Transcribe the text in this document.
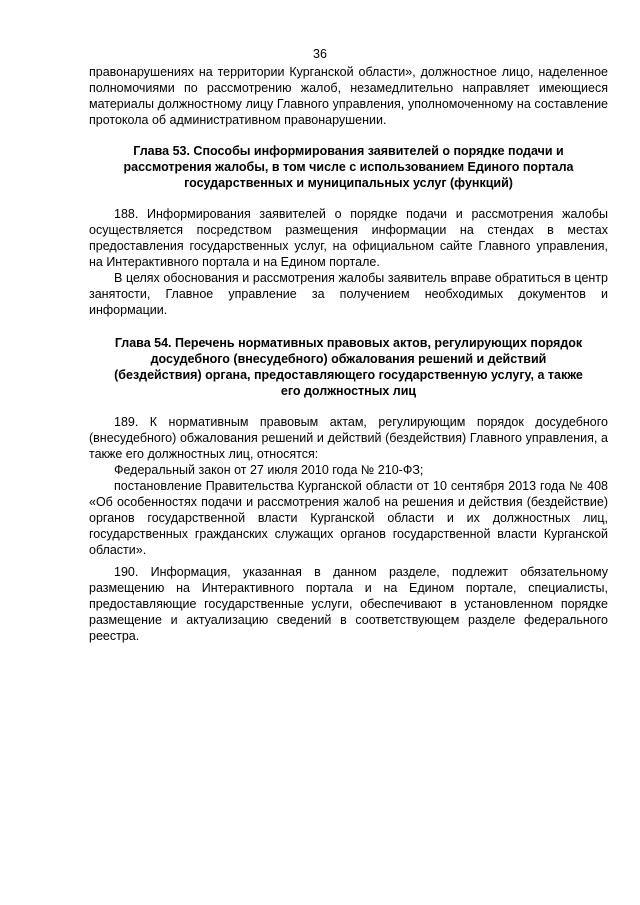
36

правонарушениях на территории Курганской области», должностное лицо, наделенное полномочиями по рассмотрению жалоб, незамедлительно направляет имеющиеся материалы должностному лицу Главного управления, уполномоченному на составление протокола об административном правонарушении.

Глава 53. Способы информирования заявителей о порядке подачи и рассмотрения жалобы, в том числе с использованием Единого портала государственных и муниципальных услуг (функций)

188. Информирования заявителей о порядке подачи и рассмотрения жалобы осуществляется посредством размещения информации на стендах в местах предоставления государственных услуг, на официальном сайте Главного управления, на Интерактивного портала и на Едином портале.

В целях обоснования и рассмотрения жалобы заявитель вправе обратиться в центр занятости, Главное управление за получением необходимых документов и информации.

Глава 54. Перечень нормативных правовых актов, регулирующих порядок досудебного (внесудебного) обжалования решений и действий (бездействия) органа, предоставляющего государственную услугу, а также его должностных лиц

189. К нормативным правовым актам, регулирующим порядок досудебного (внесудебного) обжалования решений и действий (бездействия) Главного управления, а также его должностных лиц, относятся:

Федеральный закон от 27 июля 2010 года № 210-ФЗ;

постановление Правительства Курганской области от 10 сентября 2013 года № 408 «Об особенностях подачи и рассмотрения жалоб на решения и действия (бездействие) органов государственной власти Курганской области и их должностных лиц, государственных гражданских служащих органов государственной власти Курганской области».

190. Информация, указанная в данном разделе, подлежит обязательному размещению на Интерактивного портала и на Едином портале, специалисты, предоставляющие государственные услуги, обеспечивают в установленном порядке размещение и актуализацию сведений в соответствующем разделе федерального реестра.
